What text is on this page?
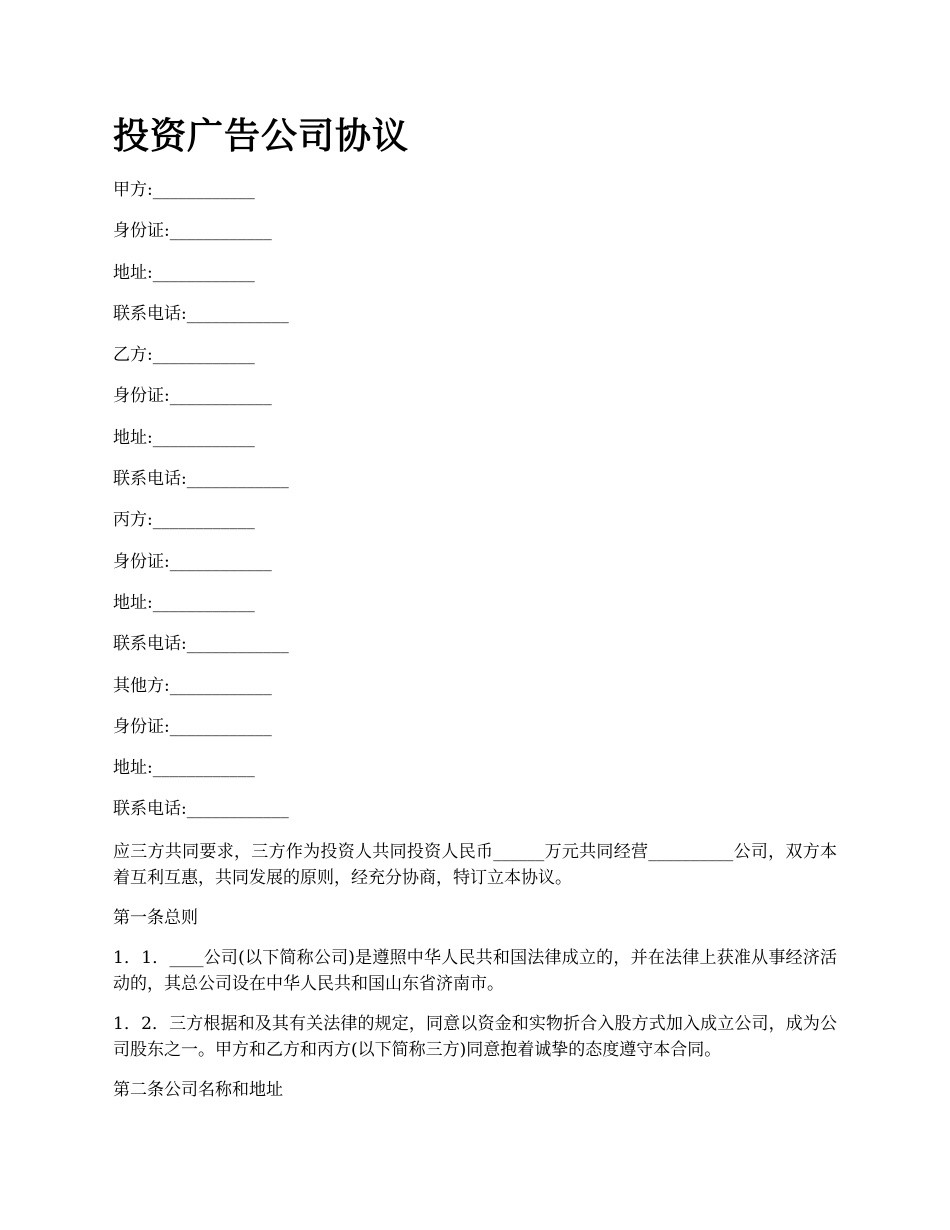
投资广告公司协议
甲方:____________
身份证:____________
地址:____________
联系电话:____________
乙方:____________
身份证:____________
地址:____________
联系电话:____________
丙方:____________
身份证:____________
地址:____________
联系电话:____________
其他方:____________
身份证:____________
地址:____________
联系电话:____________

应三方共同要求，三方作为投资人共同投资人民币______万元共同经营__________公司，双方本着互利互惠，共同发展的原则，经充分协商，特订立本协议。

第一条总则

1．1．____公司(以下简称公司)是遵照中华人民共和国法律成立的，并在法律上获准从事经济活动的，其总公司设在中华人民共和国山东省济南市。

1．2．三方根据和及其有关法律的规定，同意以资金和实物折合入股方式加入成立公司，成为公司股东之一。甲方和乙方和丙方(以下简称三方)同意抱着诚挚的态度遵守本合同。

第二条公司名称和地址
